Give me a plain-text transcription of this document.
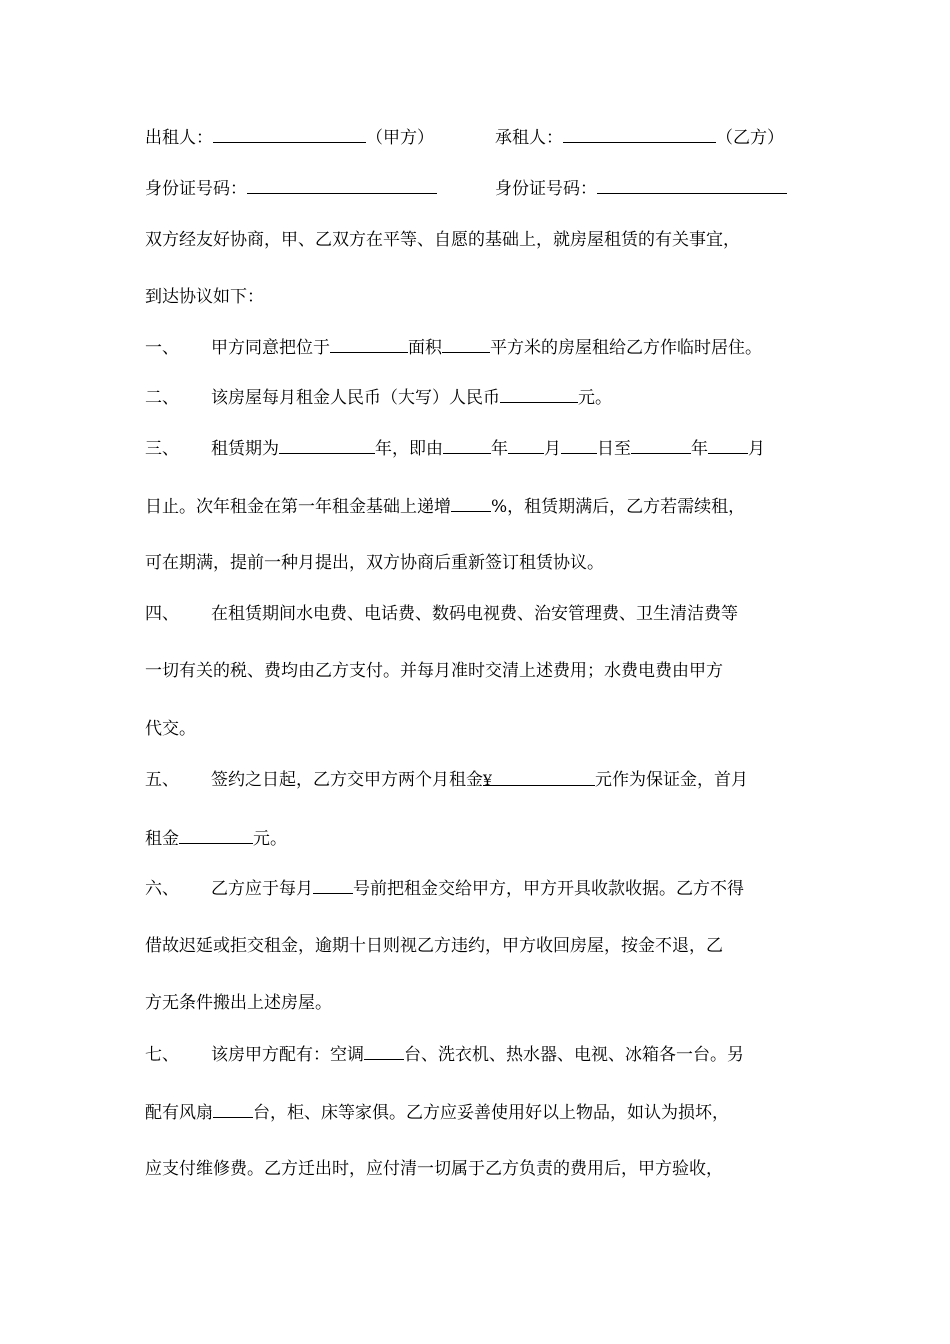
出租人：	（甲方）	承租人：	（乙方）
身份证号码：	身份证号码：
双方经友好协商，甲、乙双方在平等、自愿的基础上，就房屋租赁的有关事宜，
到达协议如下：
一、 甲方同意把位于	面积	平方米的房屋租给乙方作临时居住。
二、 该房屋每月租金人民币（大写）人民币	元。
三、 租赁期为	年，即由	年 月 日至	年 月
日止。次年租金在第一年租金基础上递增 %，租赁期满后，乙方若需续租，
可在期满，提前一种月提出，双方协商后重新签订租赁协议。
四、 在租赁期间水电费、电话费、数码电视费、治安管理费、卫生清洁费等
一切有关的税、费均由乙方支付。并每月准时交清上述费用；水费电费由甲方
代交。
五、 签约之日起，乙方交甲方两个月租金¥	元作为保证金，首月
租金	元。
六、 乙方应于每月 号前把租金交给甲方，甲方开具收款收据。乙方不得
借故迟延或拒交租金，逾期十日则视乙方违约，甲方收回房屋，按金不退，乙
方无条件搬出上述房屋。
七、 该房甲方配有：空调 台、洗衣机、热水器、电视、冰箱各一台。另
配有风扇 台，柜、床等家俱。乙方应妥善使用好以上物品，如认为损坏，
应支付维修费。乙方迁出时，应付清一切属于乙方负责的费用后，甲方验收，
